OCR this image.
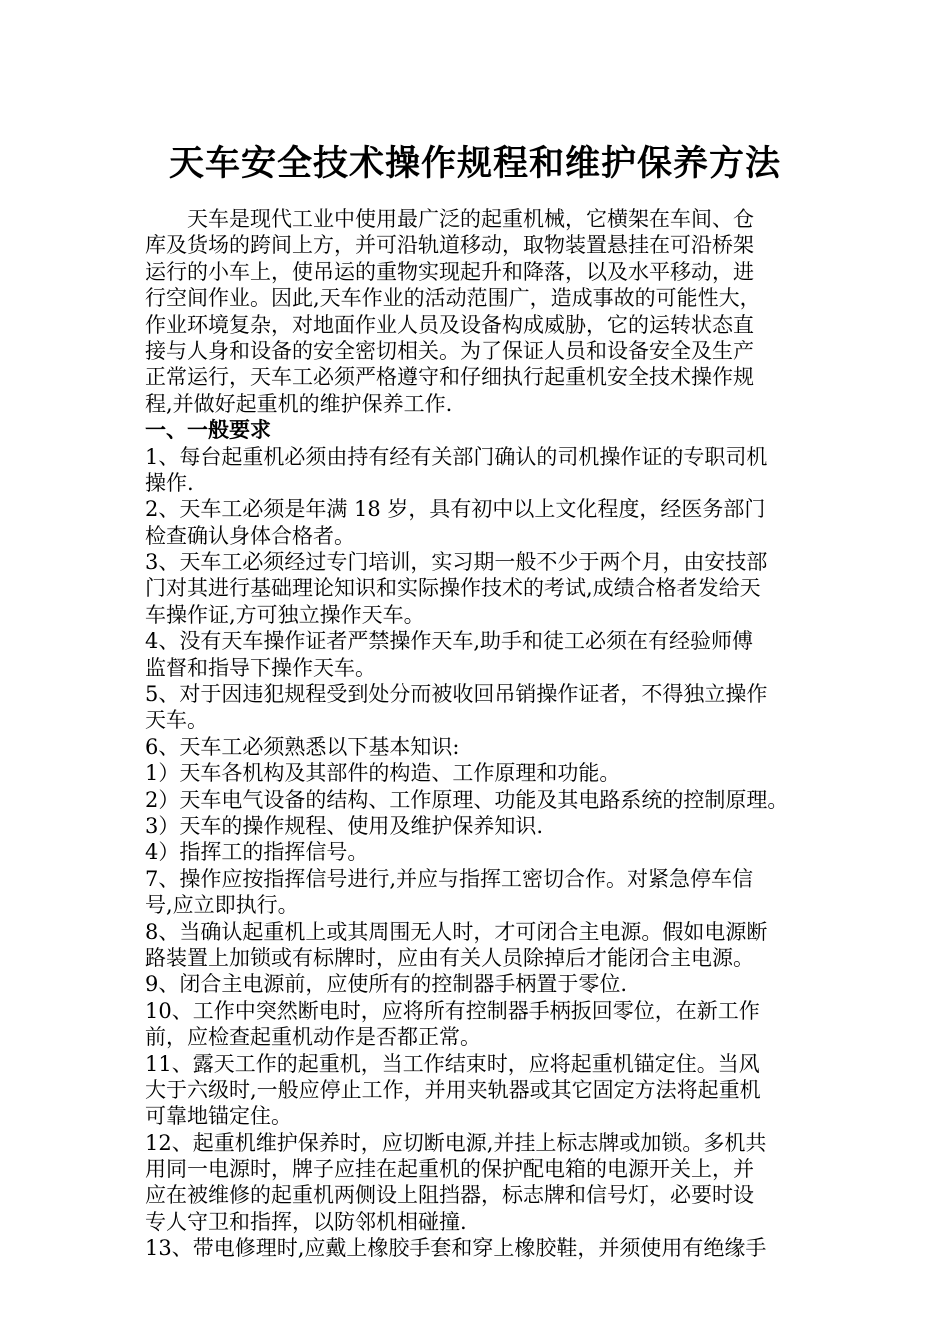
天车安全技术操作规程和维护保养方法
天车是现代工业中使用最广泛的起重机械，它横架在车间、仓
库及货场的跨间上方，并可沿轨道移动，取物装置悬挂在可沿桥架
运行的小车上，使吊运的重物实现起升和降落，以及水平移动，进
行空间作业。因此,天车作业的活动范围广，造成事故的可能性大，
作业环境复杂，对地面作业人员及设备构成威胁，它的运转状态直
接与人身和设备的安全密切相关。为了保证人员和设备安全及生产
正常运行，天车工必须严格遵守和仔细执行起重机安全技术操作规
程,并做好起重机的维护保养工作.
一、一般要求
1、每台起重机必须由持有经有关部门确认的司机操作证的专职司机
操作.
2、天车工必须是年满 18 岁，具有初中以上文化程度，经医务部门
检查确认身体合格者。
3、天车工必须经过专门培训，实习期一般不少于两个月，由安技部
门对其进行基础理论知识和实际操作技术的考试,成绩合格者发给天
车操作证,方可独立操作天车。
4、没有天车操作证者严禁操作天车,助手和徒工必须在有经验师傅
监督和指导下操作天车。
5、对于因违犯规程受到处分而被收回吊销操作证者，不得独立操作
天车。
6、天车工必须熟悉以下基本知识:
1）天车各机构及其部件的构造、工作原理和功能。
2）天车电气设备的结构、工作原理、功能及其电路系统的控制原理。
3）天车的操作规程、使用及维护保养知识.
4）指挥工的指挥信号。
7、操作应按指挥信号进行,并应与指挥工密切合作。对紧急停车信
号,应立即执行。
8、当确认起重机上或其周围无人时，才可闭合主电源。假如电源断
路装置上加锁或有标牌时，应由有关人员除掉后才能闭合主电源。
9、闭合主电源前，应使所有的控制器手柄置于零位.
10、工作中突然断电时，应将所有控制器手柄扳回零位，在新工作
前，应检查起重机动作是否都正常。
11、露天工作的起重机，当工作结束时，应将起重机锚定住。当风
大于六级时,一般应停止工作，并用夹轨器或其它固定方法将起重机
可靠地锚定住。
12、起重机维护保养时，应切断电源,并挂上标志牌或加锁。多机共
用同一电源时，牌子应挂在起重机的保护配电箱的电源开关上，并
应在被维修的起重机两侧设上阻挡器，标志牌和信号灯，必要时设
专人守卫和指挥，以防邻机相碰撞.
13、带电修理时,应戴上橡胶手套和穿上橡胶鞋，并须使用有绝缘手
